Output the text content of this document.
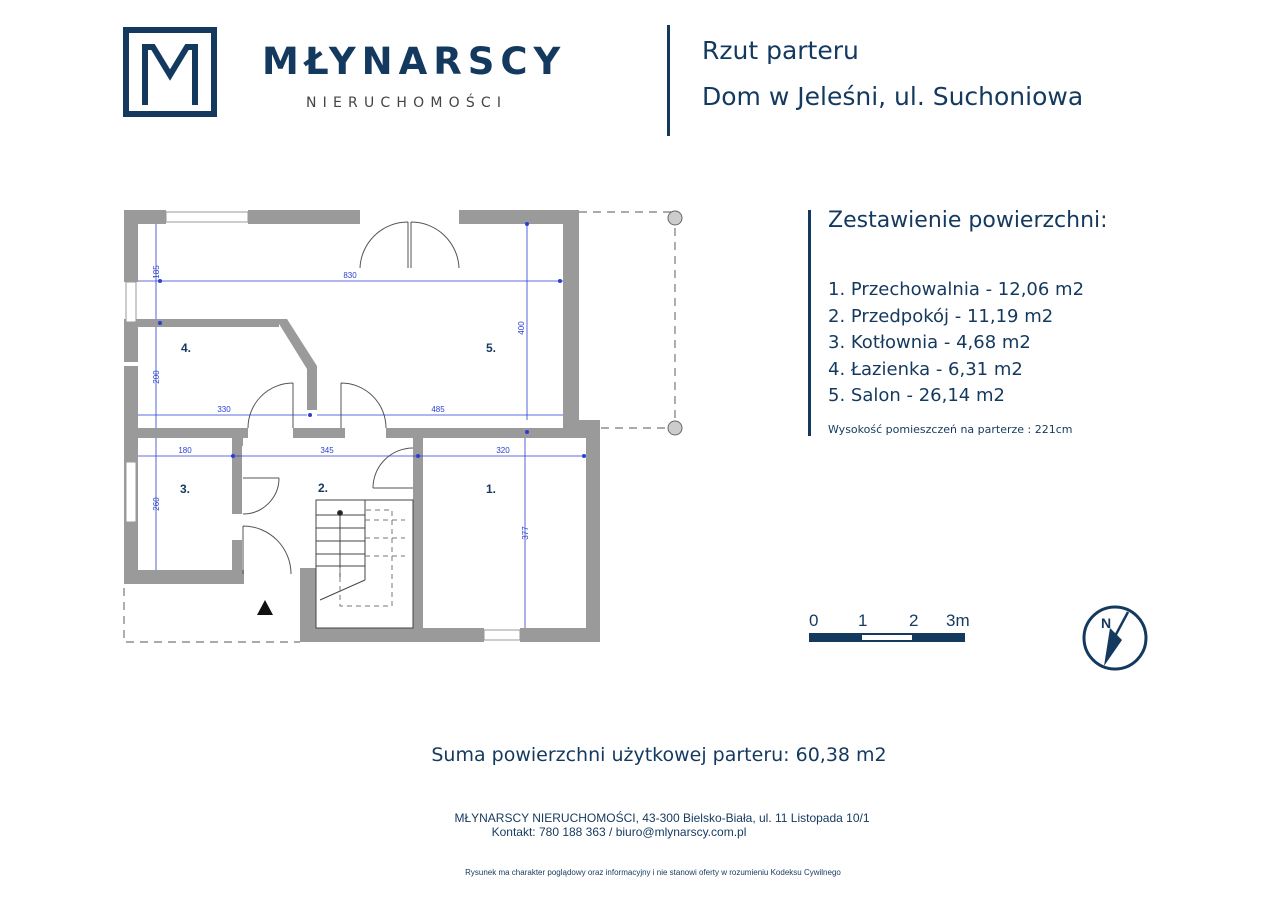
MŁYNARSCY
NIERUCHOMOŚCI
Rzut parteru
Dom w Jeleśni, ul. Suchoniowa
185	830
400
200
330	485
180	345	320
260
377
1.
2.
3.
4.	5.
Zestawienie powierzchni:
1. Przechowalnia - 12,06 m2
2. Przedpokój - 11,19 m2
3. Kotłownia - 4,68 m2
4. Łazienka - 6,31 m2
5. Salon - 26,14 m2
Wysokość pomieszczeń na parterze : 221cm
0 1 2 3m	N
Suma powierzchni użytkowej parteru: 60,38 m2
MŁYNARSCY NIERUCHOMOŚCI, 43-300 Bielsko-Biała, ul. 11 Listopada 10/1
Kontakt: 780 188 363 / biuro@mlynarscy.com.pl
Rysunek ma charakter poglądowy oraz informacyjny i nie stanowi oferty w rozumieniu Kodeksu Cywilnego
